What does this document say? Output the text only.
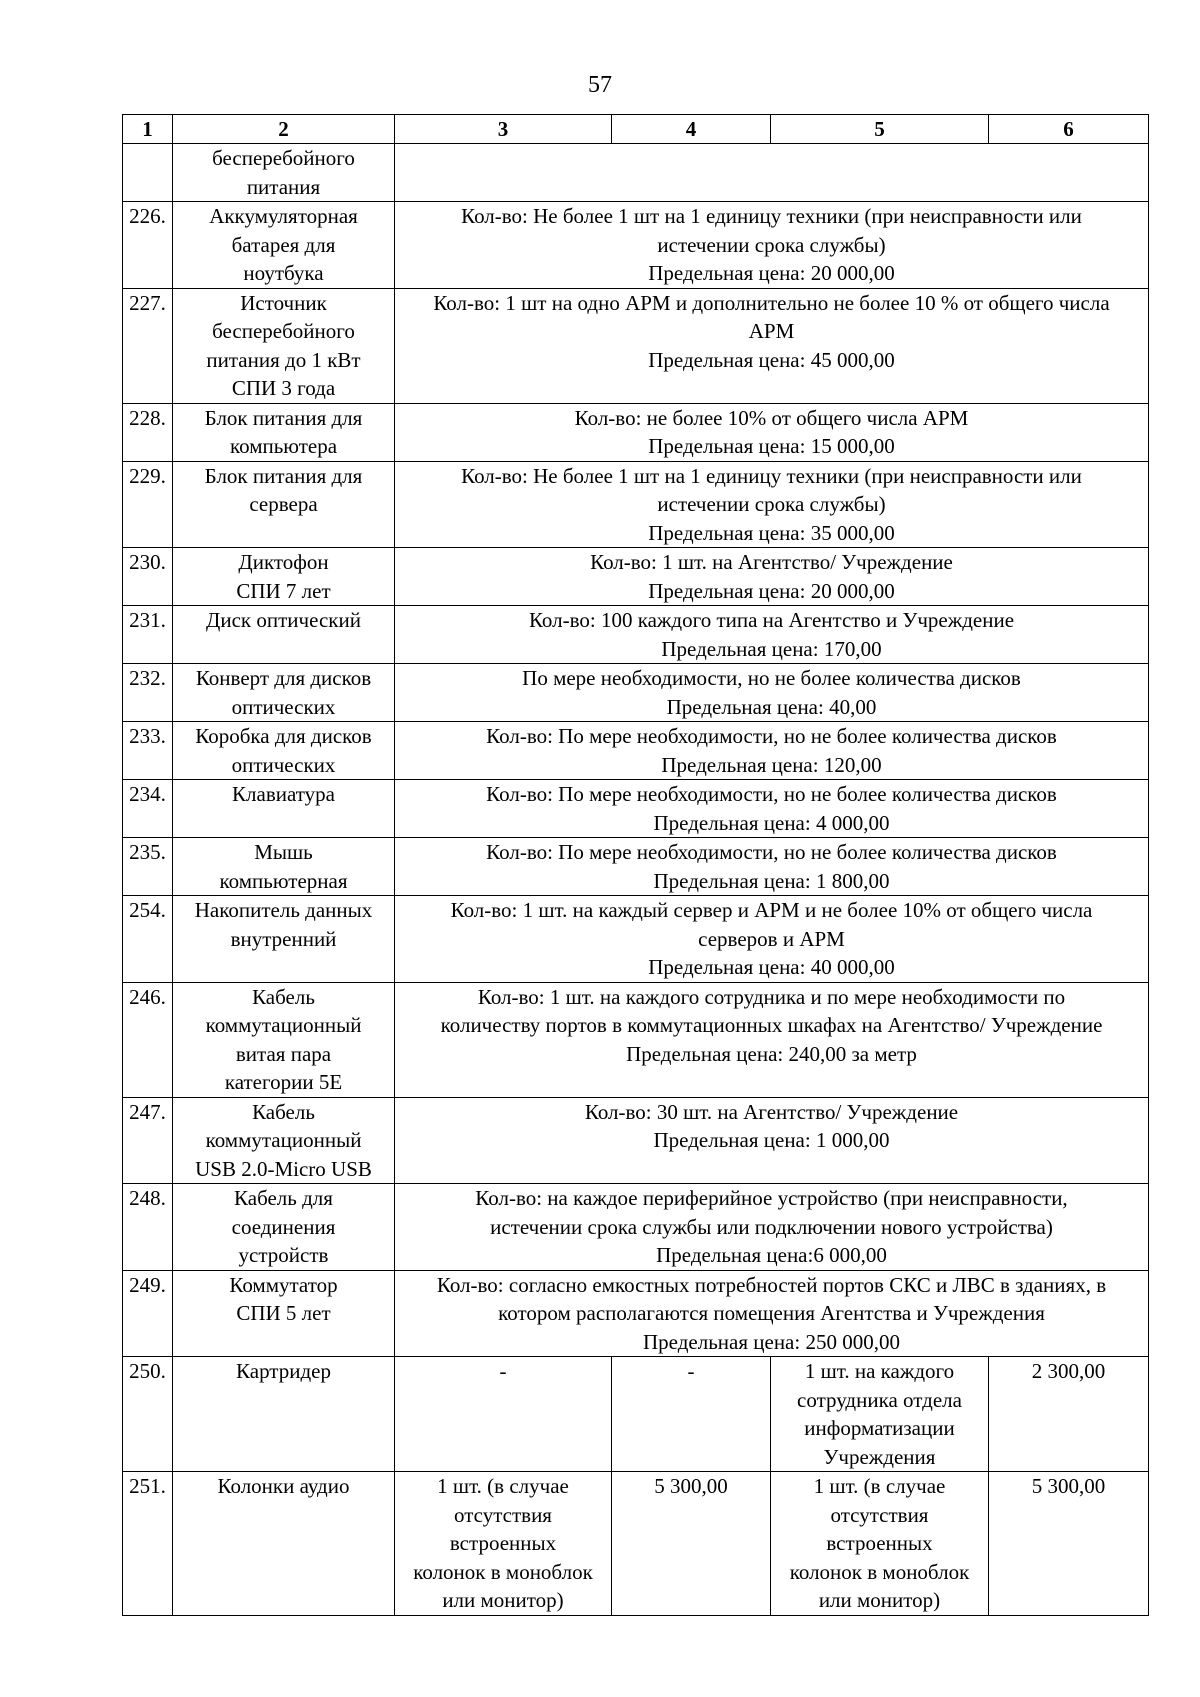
57
1	2	3	4	5	6

	бесперебойного
питания				

226.	Аккумуляторная
батарея для
ноутбука	Кол-во: Не более 1 шт на 1 единицу техники (при неисправности или
истечении срока службы)
Предельная цена: 20 000,00			

227.	Источник
бесперебойного
питания до 1 кВт
СПИ 3 года	Кол-во: 1 шт на одно АРМ и дополнительно не более 10 % от общего числа
АРМ
Предельная цена: 45 000,00			

228.	Блок питания для
компьютера	Кол-во: не более 10% от общего числа АРМ
Предельная цена: 15 000,00			

229.	Блок питания для
сервера	Кол-во: Не более 1 шт на 1 единицу техники (при неисправности или
истечении срока службы)
Предельная цена: 35 000,00			

230.	Диктофон
СПИ 7 лет	Кол-во: 1 шт. на Агентство/ Учреждение
Предельная цена: 20 000,00			

231.	Диск оптический	Кол-во: 100 каждого типа на Агентство и Учреждение
Предельная цена: 170,00			

232.	Конверт для дисков
оптических	По мере необходимости, но не более количества дисков
Предельная цена: 40,00			

233.	Коробка для дисков
оптических	Кол-во: По мере необходимости, но не более количества дисков
Предельная цена: 120,00			

234.	Клавиатура	Кол-во: По мере необходимости, но не более количества дисков
Предельная цена: 4 000,00			

235.	Мышь
компьютерная	Кол-во: По мере необходимости, но не более количества дисков
Предельная цена: 1 800,00			

254.	Накопитель данных
внутренний	Кол-во: 1 шт. на каждый сервер и АРМ и не более 10% от общего числа
серверов и АРМ
Предельная цена: 40 000,00			

246.	Кабель
коммутационный
витая пара
категории 5Е	Кол-во: 1 шт. на каждого сотрудника и по мере необходимости по
количеству портов в коммутационных шкафах на Агентство/ Учреждение
Предельная цена: 240,00 за метр			

247.	Кабель
коммутационный
USB 2.0-Micro USB	Кол-во: 30 шт. на Агентство/ Учреждение
Предельная цена: 1 000,00			

248.	Кабель для
соединения
устройств	Кол-во: на каждое периферийное устройство (при неисправности,
истечении срока службы или подключении нового устройства)
Предельная цена:6 000,00			

249.	Коммутатор
СПИ 5 лет	Кол-во: согласно емкостных потребностей портов СКС и ЛВС в зданиях, в
котором располагаются помещения Агентства и Учреждения
Предельная цена: 250 000,00			

250.	Картридер	-	-	1 шт. на каждого
сотрудника отдела
информатизации
Учреждения	2 300,00

251.	Колонки аудио	1 шт. (в случае
отсутствия
встроенных
колонок в моноблок
или монитор)	5 300,00	1 шт. (в случае
отсутствия
встроенных
колонок в моноблок
или монитор)	5 300,00
